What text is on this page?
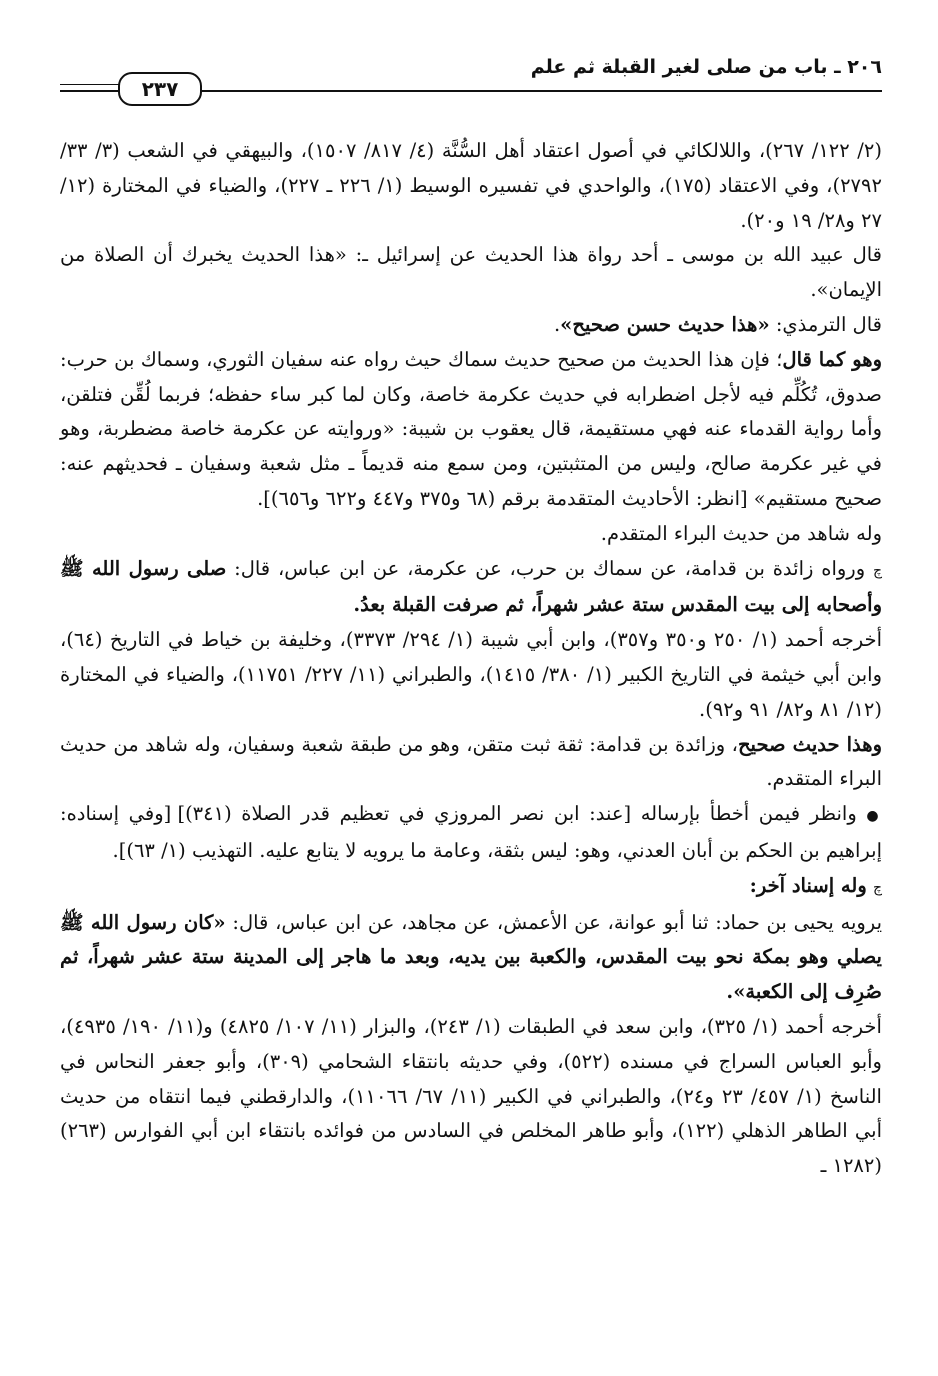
٢٠٦ ـ باب من صلى لغير القبلة ثم علم
٢٣٧

(٢/ ١٢٢/ ٢٦٧)، واللالكائي في أصول اعتقاد أهل السُّنَّة (٤/ ٨١٧/ ١٥٠٧)، والبيهقي في الشعب (٣/ ٣٣/ ٢٧٩٢)، وفي الاعتقاد (١٧٥)، والواحدي في تفسيره الوسيط (١/ ٢٢٦ ـ ٢٢٧)، والضياء في المختارة (١٢/ ٢٧ و٢٨/ ١٩ و٢٠).

قال عبيد الله بن موسى ـ أحد رواة هذا الحديث عن إسرائيل ـ: «هذا الحديث يخبرك أن الصلاة من الإيمان».

قال الترمذي: «هذا حديث حسن صحيح».

وهو كما قال؛ فإن هذا الحديث من صحيح حديث سماك حيث رواه عنه سفيان الثوري، وسماك بن حرب: صدوق، تُكُلِّم فيه لأجل اضطرابه في حديث عكرمة خاصة، وكان لما كبر ساء حفظه؛ فربما لُقِّن فتلقن، وأما رواية القدماء عنه فهي مستقيمة، قال يعقوب بن شيبة: «وروايته عن عكرمة خاصة مضطربة، وهو في غير عكرمة صالح، وليس من المتثبتين، ومن سمع منه قديماً ـ مثل شعبة وسفيان ـ فحديثهم عنه: صحيح مستقيم» [انظر: الأحاديث المتقدمة برقم (٦٨ و٣٧٥ و٤٤٧ و٦٢٢ و٦٥٦)].

وله شاهد من حديث البراء المتقدم.

ﭺ ورواه زائدة بن قدامة، عن سماك بن حرب، عن عكرمة، عن ابن عباس، قال: صلى رسول الله ﷺ وأصحابه إلى بيت المقدس ستة عشر شهراً، ثم صرفت القبلة بعدُ.

أخرجه أحمد (١/ ٢٥٠ و٣٥٠ و٣٥٧)، وابن أبي شيبة (١/ ٢٩٤/ ٣٣٧٣)، وخليفة بن خياط في التاريخ (٦٤)، وابن أبي خيثمة في التاريخ الكبير (١/ ٣٨٠/ ١٤١٥)، والطبراني (١١/ ٢٢٧/ ١١٧٥١)، والضياء في المختارة (١٢/ ٨١ و٨٢/ ٩١ و٩٢).

وهذا حديث صحيح، وزائدة بن قدامة: ثقة ثبت متقن، وهو من طبقة شعبة وسفيان، وله شاهد من حديث البراء المتقدم.

● وانظر فيمن أخطأ بإرساله [عند: ابن نصر المروزي في تعظيم قدر الصلاة (٣٤١)] [وفي إسناده: إبراهيم بن الحكم بن أبان العدني، وهو: ليس بثقة، وعامة ما يرويه لا يتابع عليه. التهذيب (١/ ٦٣)].

ﭺ وله إسناد آخر:

يرويه يحيى بن حماد: ثنا أبو عوانة، عن الأعمش، عن مجاهد، عن ابن عباس، قال: «كان رسول الله ﷺ يصلي وهو بمكة نحو بيت المقدس، والكعبة بين يديه، وبعد ما هاجر إلى المدينة ستة عشر شهراً، ثم صُرِف إلى الكعبة».

أخرجه أحمد (١/ ٣٢٥)، وابن سعد في الطبقات (١/ ٢٤٣)، والبزار (١١/ ١٠٧/ ٤٨٢٥) و(١١/ ١٩٠/ ٤٩٣٥)، وأبو العباس السراج في مسنده (٥٢٢)، وفي حديثه بانتقاء الشحامي (٣٠٩)، وأبو جعفر النحاس في الناسخ (١/ ٤٥٧/ ٢٣ و٢٤)، والطبراني في الكبير (١١/ ٦٧/ ١١٠٦٦)، والدارقطني فيما انتقاه من حديث أبي الطاهر الذهلي (١٢٢)، وأبو طاهر المخلص في السادس من فوائده بانتقاء ابن أبي الفوارس (٢٦٣) (١٢٨٢ ـ
